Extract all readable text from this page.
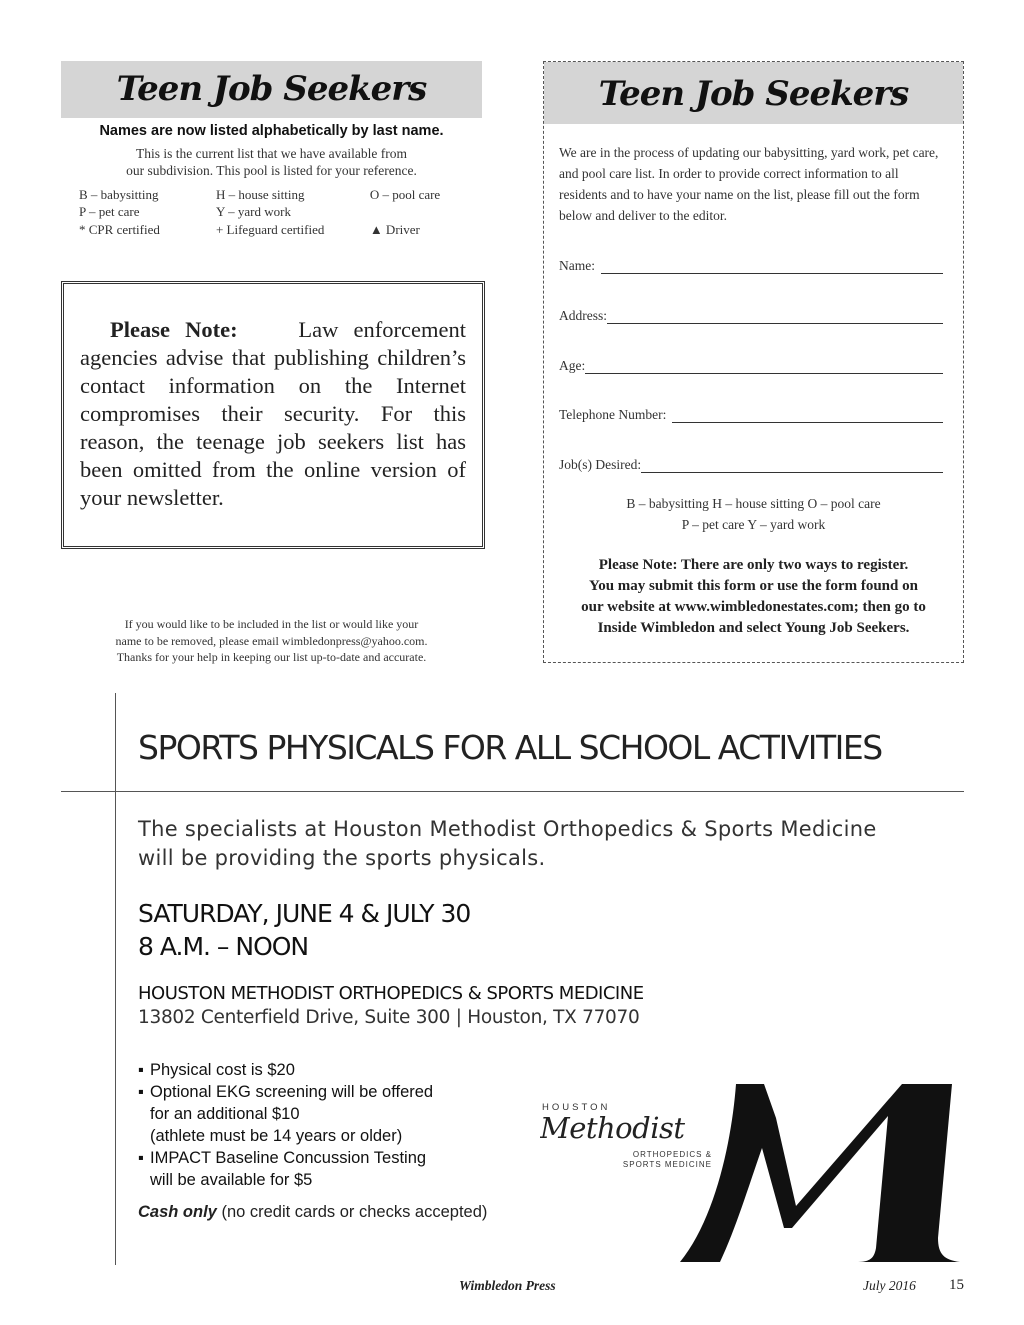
Teen Job Seekers
Names are now listed alphabetically by last name.
This is the current list that we have available from
our subdivision. This pool is listed for your reference.
B – babysitting	H – house sitting	O – pool care
P – pet care	Y – yard work
* CPR certified	+ Lifeguard certified	▲ Driver
Please Note:	Law enforcement agencies advise that publishing children’s contact information on the Internet compromises their security. For this reason, the teenage job seekers list has been omitted from the online version of your newsletter.
If you would like to be included in the list or would like your
name to be removed, please email wimbledonpress@yahoo.com.
Thanks for your help in keeping our list up-to-date and accurate.
Teen Job Seekers
We are in the process of updating our babysitting, yard work, pet care, and pool care list. In order to provide correct information to all residents and to have your name on the list, please fill out the form below and deliver to the editor.
Name:
Address:
Age:
Telephone Number:
Job(s) Desired:
B – babysitting H – house sitting O – pool care
P – pet care Y – yard work
Please Note: There are only two ways to register.
You may submit this form or use the form found on
our website at www.wimbledonestates.com; then go to
Inside Wimbledon and select Young Job Seekers.
SPORTS PHYSICALS FOR ALL SCHOOL ACTIVITIES
The specialists at Houston Methodist Orthopedics & Sports Medicine
will be providing the sports physicals.
SATURDAY, JUNE 4 & JULY 30
8 A.M. – NOON
HOUSTON METHODIST ORTHOPEDICS & SPORTS MEDICINE
13802 Centerfield Drive, Suite 300 | Houston, TX 77070
▪ Physical cost is $20
▪ Optional EKG screening will be offered
for an additional $10
(athlete must be 14 years or older)
▪ IMPACT Baseline Concussion Testing
will be available for $5
Cash only (no credit cards or checks accepted)
HOUSTON
Methodist
ORTHOPEDICS &
SPORTS MEDICINE
Wimbledon Press	July 2016 15
